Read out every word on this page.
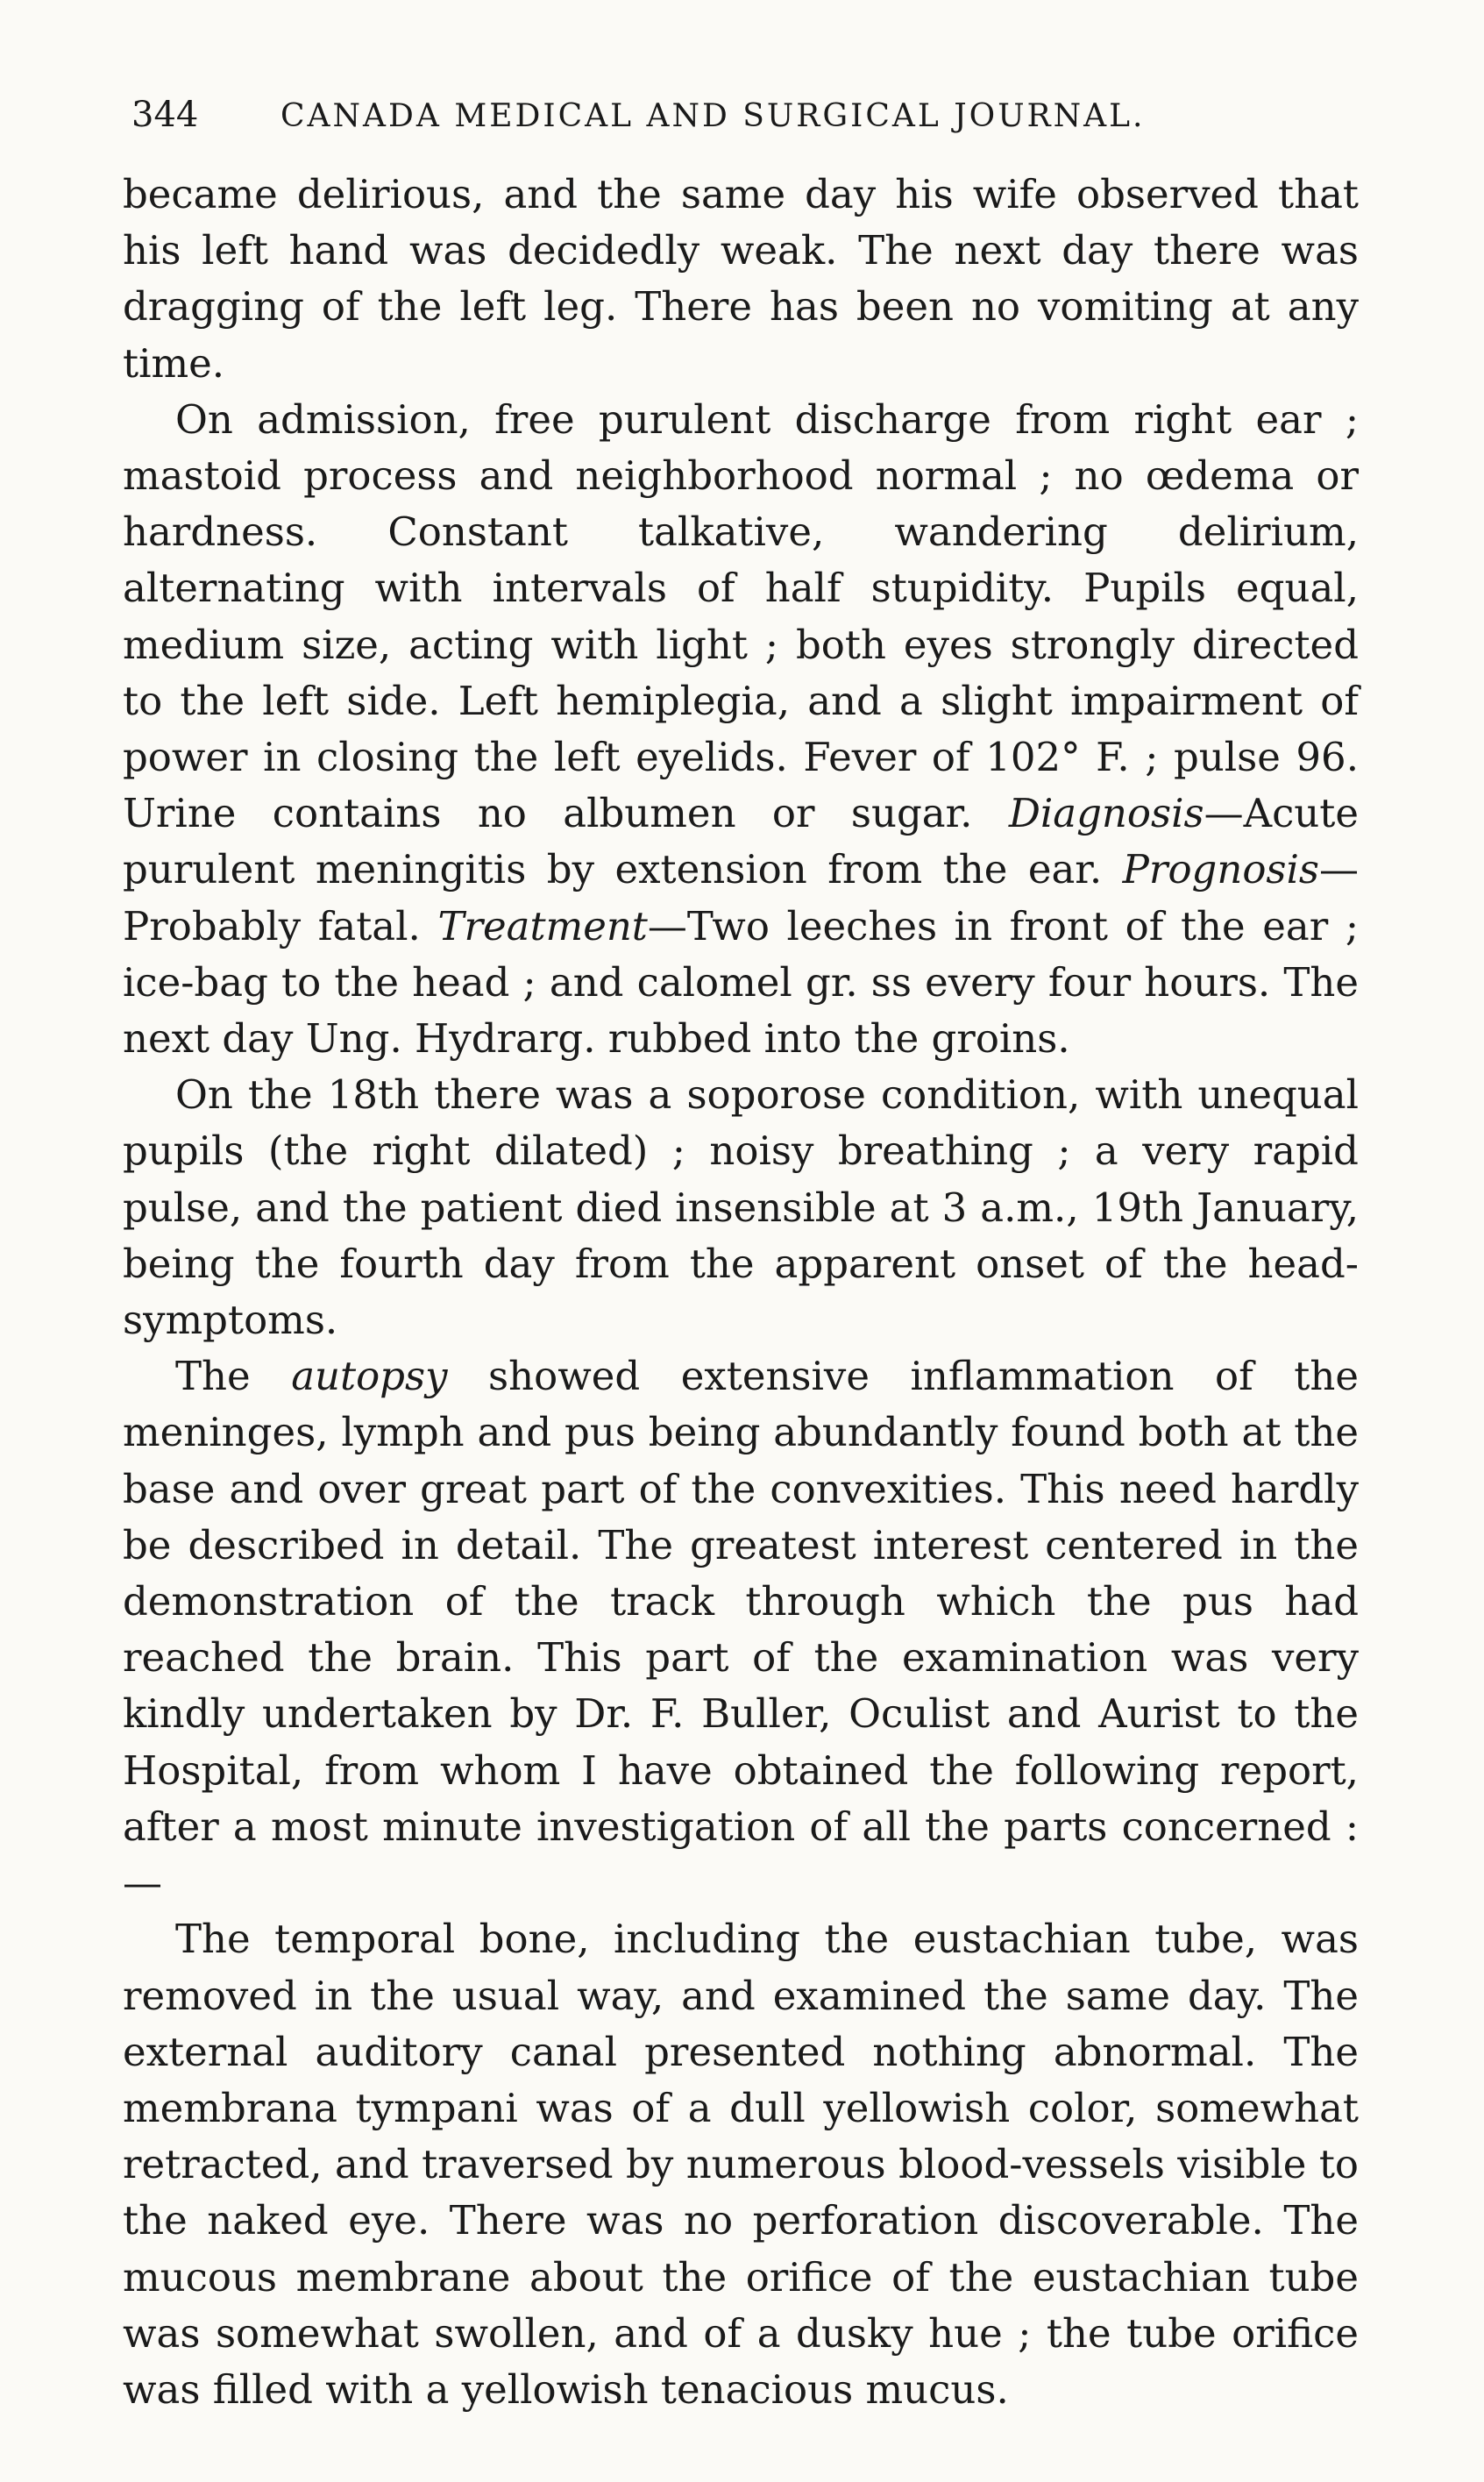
344	CANADA MEDICAL AND SURGICAL JOURNAL.

became delirious, and the same day his wife observed that his left hand was decidedly weak. The next day there was dragging of the left leg. There has been no vomiting at any time.

On admission, free purulent discharge from right ear ; mastoid process and neighborhood normal ; no œdema or hardness. Constant talkative, wandering delirium, alternating with intervals of half stupidity. Pupils equal, medium size, acting with light ; both eyes strongly directed to the left side. Left hemiplegia, and a slight impairment of power in closing the left eyelids. Fever of 102° F. ; pulse 96. Urine contains no albumen or sugar. Diagnosis—Acute purulent meningitis by extension from the ear. Prognosis—Probably fatal. Treatment—Two leeches in front of the ear ; ice-bag to the head ; and calomel gr. ss every four hours. The next day Ung. Hydrarg. rubbed into the groins.

On the 18th there was a soporose condition, with unequal pupils (the right dilated) ; noisy breathing ; a very rapid pulse, and the patient died insensible at 3 a.m., 19th January, being the fourth day from the apparent onset of the head-symptoms.

The autopsy showed extensive inflammation of the meninges, lymph and pus being abundantly found both at the base and over great part of the convexities. This need hardly be described in detail. The greatest interest centered in the demonstration of the track through which the pus had reached the brain. This part of the examination was very kindly undertaken by Dr. F. Buller, Oculist and Aurist to the Hospital, from whom I have obtained the following report, after a most minute investigation of all the parts concerned :—

The temporal bone, including the eustachian tube, was removed in the usual way, and examined the same day. The external auditory canal presented nothing abnormal. The membrana tympani was of a dull yellowish color, somewhat retracted, and traversed by numerous blood-vessels visible to the naked eye. There was no perforation discoverable. The mucous membrane about the orifice of the eustachian tube was somewhat swollen, and of a dusky hue ; the tube orifice was filled with a yellowish tenacious mucus.
